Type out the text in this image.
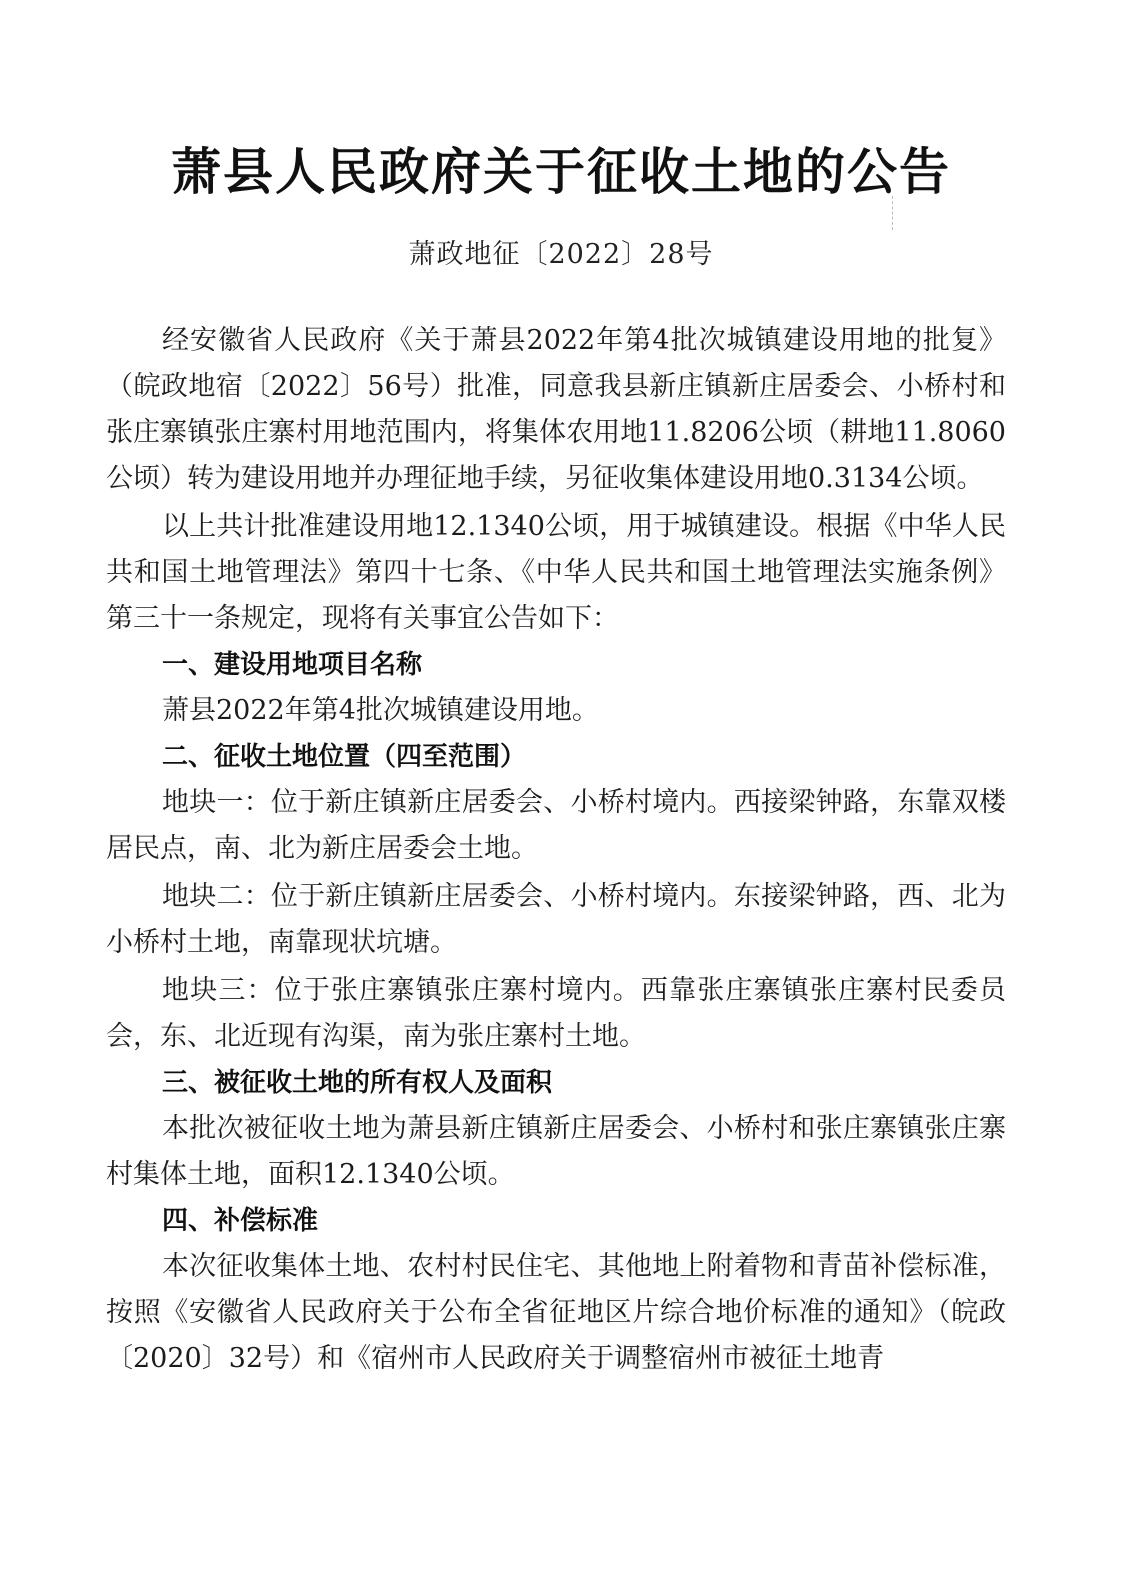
萧县人民政府关于征收土地的公告
萧政地征〔2022〕28号

经安徽省人民政府《关于萧县2022年第4批次城镇建设用地的批复》（皖政地宿〔2022〕56号）批准，同意我县新庄镇新庄居委会、小桥村和张庄寨镇张庄寨村用地范围内，将集体农用地11.8206公顷（耕地11.8060公顷）转为建设用地并办理征地手续，另征收集体建设用地0.3134公顷。

以上共计批准建设用地12.1340公顷，用于城镇建设。根据《中华人民共和国土地管理法》第四十七条、《中华人民共和国土地管理法实施条例》第三十一条规定，现将有关事宜公告如下：

一、建设用地项目名称

萧县2022年第4批次城镇建设用地。

二、征收土地位置（四至范围）

地块一：位于新庄镇新庄居委会、小桥村境内。西接梁钟路，东靠双楼居民点，南、北为新庄居委会土地。

地块二：位于新庄镇新庄居委会、小桥村境内。东接梁钟路，西、北为小桥村土地，南靠现状坑塘。

地块三：位于张庄寨镇张庄寨村境内。西靠张庄寨镇张庄寨村民委员会，东、北近现有沟渠，南为张庄寨村土地。

三、被征收土地的所有权人及面积

本批次被征收土地为萧县新庄镇新庄居委会、小桥村和张庄寨镇张庄寨村集体土地，面积12.1340公顷。

四、补偿标准

本次征收集体土地、农村村民住宅、其他地上附着物和青苗补偿标准，按照《安徽省人民政府关于公布全省征地区片综合地价标准的通知》（皖政〔2020〕32号）和《宿州市人民政府关于调整宿州市被征土地青
